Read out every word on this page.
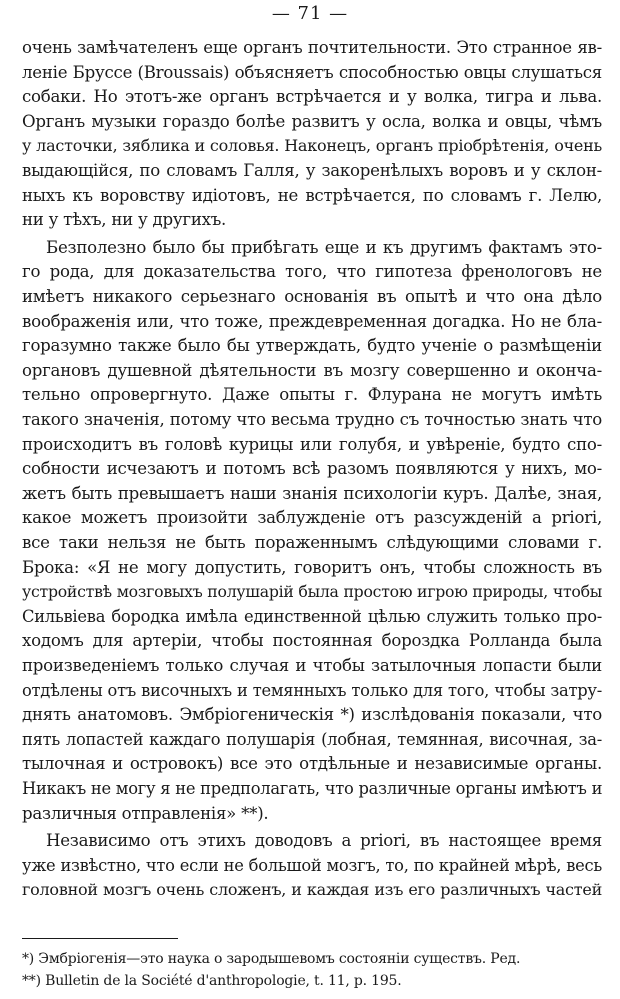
— 71 —
очень замѣчателенъ еще органъ почтительности. Это странное яв-
леніе Бруссе (Broussais) объясняетъ способностью овцы слушаться
собаки. Но этотъ-же органъ встрѣчается и у волка, тигра и льва.
Органъ музыки гораздо болѣе развитъ у осла, волка и овцы, чѣмъ
у ласточки, зяблика и соловья. Наконецъ, органъ пріобрѣтенія, очень
выдающійся, по словамъ Галля, у закоренѣлыхъ воровъ и у склон-
ныхъ къ воровству идіотовъ, не встрѣчается, по словамъ г. Лелю,
ни у тѣхъ, ни у другихъ.
Безполезно было бы прибѣгать еще и къ другимъ фактамъ это-
го рода, для доказательства того, что гипотеза френологовъ не
имѣетъ никакого серьезнаго основанія въ опытѣ и что она дѣло
воображенія или, что тоже, преждевременная догадка. Но не бла-
горазумно также было бы утверждать, будто ученіе о размѣщеніи
органовъ душевной дѣятельности въ мозгу совершенно и оконча-
тельно опровергнуто. Даже опыты г. Флурана не могутъ имѣть
такого значенія, потому что весьма трудно съ точностью знать что
происходитъ въ головѣ курицы или голубя, и увѣреніе, будто спо-
собности исчезаютъ и потомъ всѣ разомъ появляются у нихъ, мо-
жетъ быть превышаетъ наши знанія психологіи куръ. Далѣе, зная,
какое можетъ произойти заблужденіе отъ разсужденій a priori,
все таки нельзя не быть пораженнымъ слѣдующими словами г.
Брока: «Я не могу допустить, говоритъ онъ, чтобы сложность въ
устройствѣ мозговыхъ полушарій была простою игрою природы, чтобы
Сильвіева бородка имѣла единственной цѣлью служить только про-
ходомъ для артеріи, чтобы постоянная бороздка Ролланда была
произведеніемъ только случая и чтобы затылочныя лопасти были
отдѣлены отъ височныхъ и темянныхъ только для того, чтобы затру-
днять анатомовъ. Эмбріогеническія *) изслѣдованія показали, что
пять лопастей каждаго полушарія (лобная, темянная, височная, за-
тылочная и островокъ) все это отдѣльные и независимые органы.
Никакъ не могу я не предполагать, что различные органы имѣютъ и
различныя отправленія» **).
Независимо отъ этихъ доводовъ a priori, въ настоящее время
уже извѣстно, что если не большой мозгъ, то, по крайней мѣрѣ, весь
головной мозгъ очень сложенъ, и каждая изъ его различныхъ частей
*) Эмбріогенія—это наука о зародышевомъ состояніи существъ. Ред.
**) Bulletin de la Société d'anthropologie, t. 11, p. 195.
